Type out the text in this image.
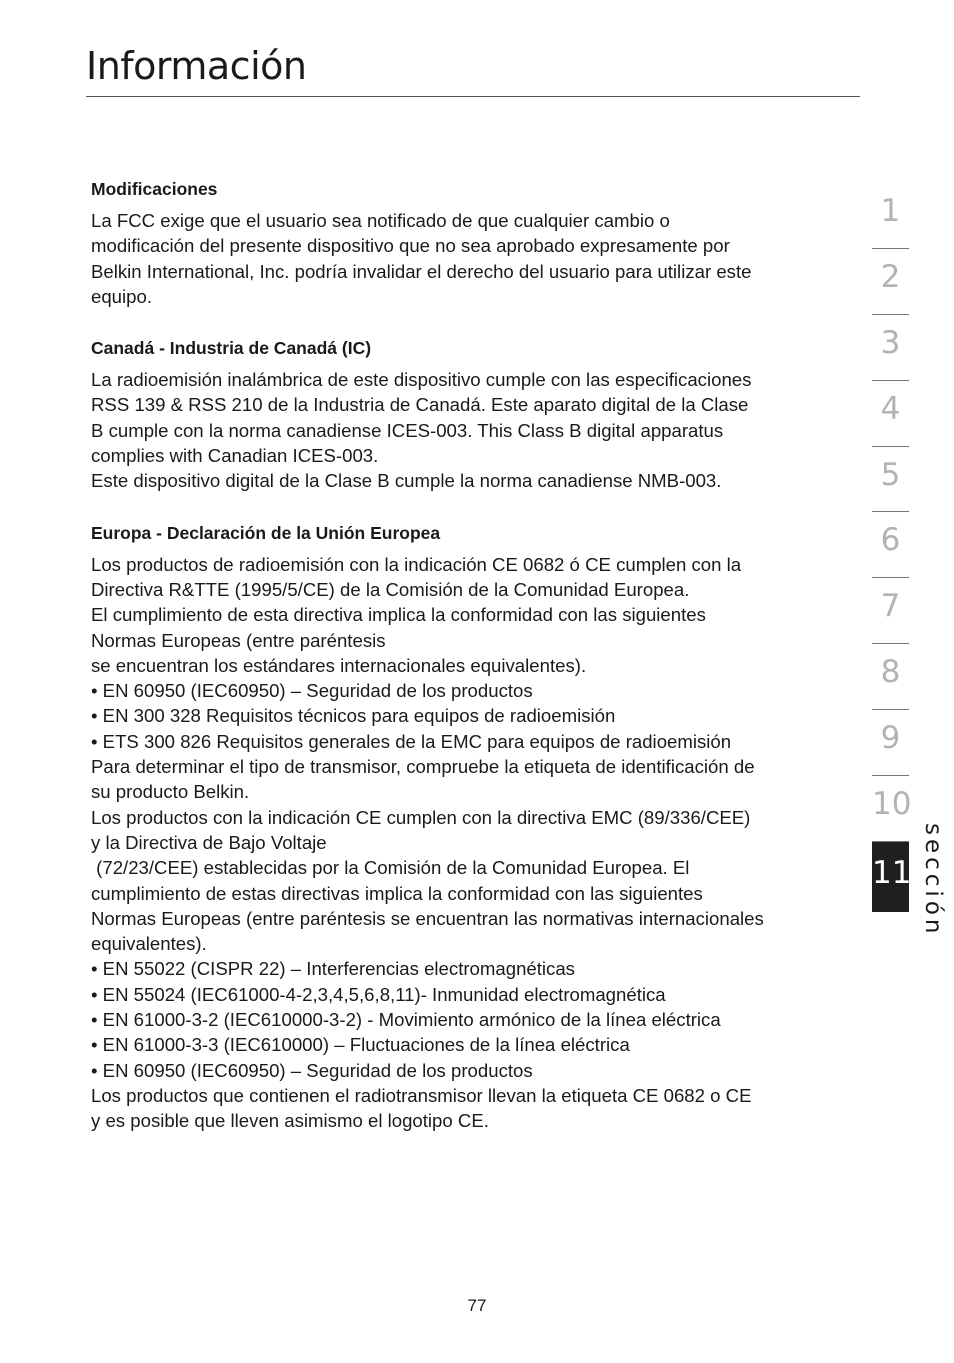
Información
Modificaciones

La FCC exige que el usuario sea notificado de que cualquier cambio o
modificación del presente dispositivo que no sea aprobado expresamente por
Belkin International, Inc. podría invalidar el derecho del usuario para utilizar este
equipo.

Canadá - Industria de Canadá (IC)

La radioemisión inalámbrica de este dispositivo cumple con las especificaciones
RSS 139 & RSS 210 de la Industria de Canadá. Este aparato digital de la Clase
B cumple con la norma canadiense ICES-003. This Class B digital apparatus
complies with Canadian ICES-003.
Este dispositivo digital de la Clase B cumple la norma canadiense NMB-003.

Europa - Declaración de la Unión Europea

Los productos de radioemisión con la indicación CE 0682 ó CE cumplen con la
Directiva R&TTE (1995/5/CE) de la Comisión de la Comunidad Europea.
El cumplimiento de esta directiva implica la conformidad con las siguientes
Normas Europeas (entre paréntesis
se encuentran los estándares internacionales equivalentes).
• EN 60950 (IEC60950) – Seguridad de los productos
• EN 300 328 Requisitos técnicos para equipos de radioemisión
• ETS 300 826 Requisitos generales de la EMC para equipos de radioemisión
Para determinar el tipo de transmisor, compruebe la etiqueta de identificación de
su producto Belkin.
Los productos con la indicación CE cumplen con la directiva EMC (89/336/CEE)
y la Directiva de Bajo Voltaje
(72/23/CEE) establecidas por la Comisión de la Comunidad Europea. El
cumplimiento de estas directivas implica la conformidad con las siguientes
Normas Europeas (entre paréntesis se encuentran las normativas internacionales
equivalentes).
• EN 55022 (CISPR 22) – Interferencias electromagnéticas
• EN 55024 (IEC61000-4-2,3,4,5,6,8,11)- Inmunidad electromagnética
• EN 61000-3-2 (IEC610000-3-2) - Movimiento armónico de la línea eléctrica
• EN 61000-3-3 (IEC610000) – Fluctuaciones de la línea eléctrica
• EN 60950 (IEC60950) – Seguridad de los productos
Los productos que contienen el radiotransmisor llevan la etiqueta CE 0682 o CE
y es posible que lleven asimismo el logotipo CE.

1
2
3
4
5
6
7
8
9
10
11 sección
77
